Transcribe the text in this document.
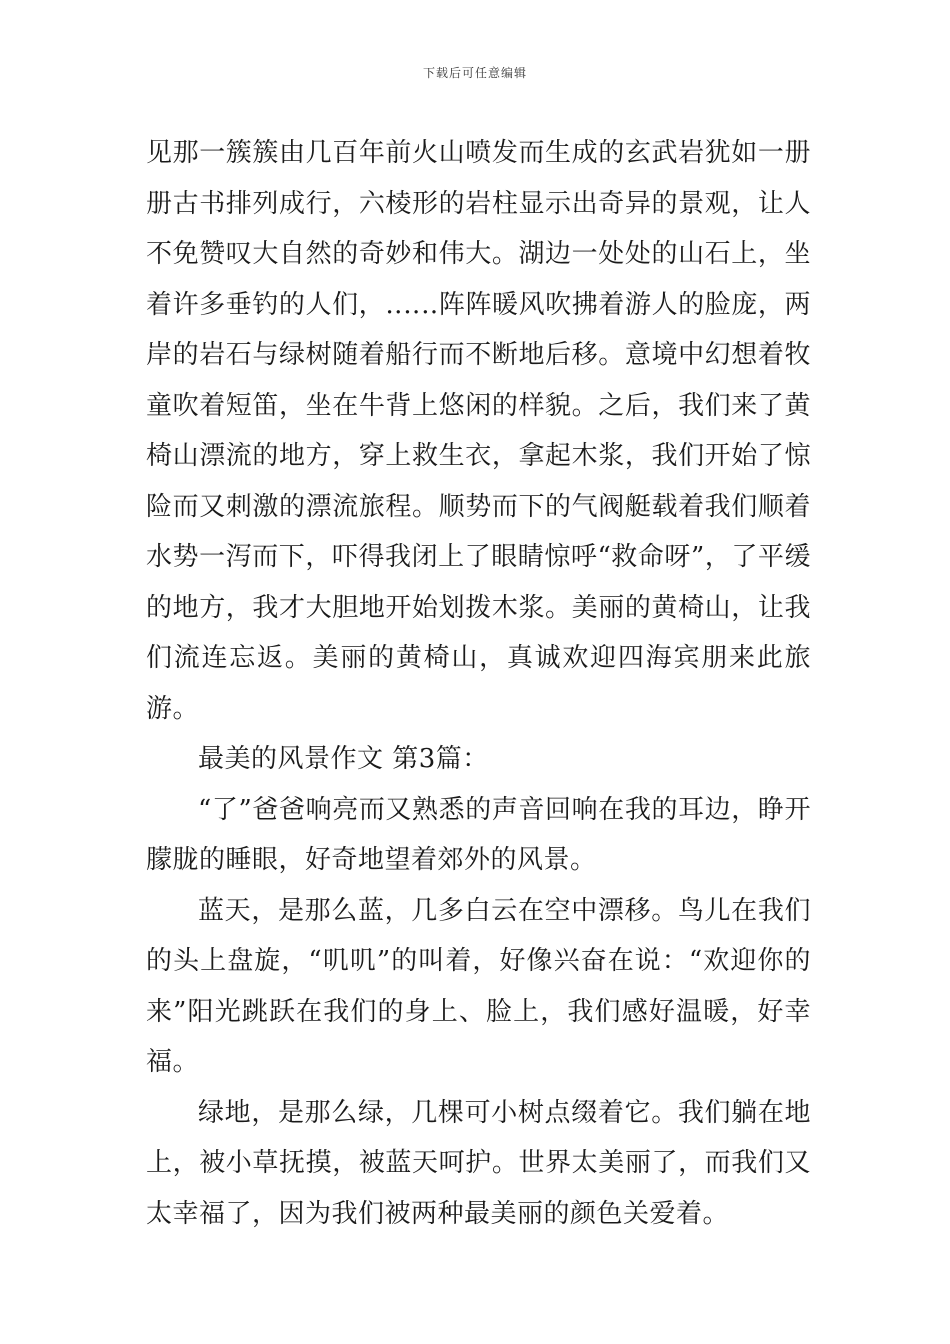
下载后可任意编辑

见那一簇簇由几百年前火山喷发而生成的玄武岩犹如一册册古书排列成行，六棱形的岩柱显示出奇异的景观，让人不免赞叹大自然的奇妙和伟大。湖边一处处的山石上，坐着许多垂钓的人们，‥‥‥阵阵暖风吹拂着游人的脸庞，两岸的岩石与绿树随着船行而不断地后移。意境中幻想着牧童吹着短笛，坐在牛背上悠闲的样貌。之后，我们来了黄椅山漂流的地方，穿上救生衣，拿起木浆，我们开始了惊险而又刺激的漂流旅程。顺势而下的气阀艇载着我们顺着水势一泻而下，吓得我闭上了眼睛惊呼“救命呀”，了平缓的地方，我才大胆地开始划拨木浆。美丽的黄椅山，让我们流连忘返。美丽的黄椅山，真诚欢迎四海宾朋来此旅游。

最美的风景作文 第3篇：

“了”爸爸响亮而又熟悉的声音回响在我的耳边，睁开朦胧的睡眼，好奇地望着郊外的风景。

蓝天，是那么蓝，几多白云在空中漂移。鸟儿在我们的头上盘旋，“叽叽”的叫着，好像兴奋在说：“欢迎你的来”阳光跳跃在我们的身上、脸上，我们感好温暖，好幸福。

绿地，是那么绿，几棵可小树点缀着它。我们躺在地上，被小草抚摸，被蓝天呵护。世界太美丽了，而我们又太幸福了，因为我们被两种最美丽的颜色关爱着。
